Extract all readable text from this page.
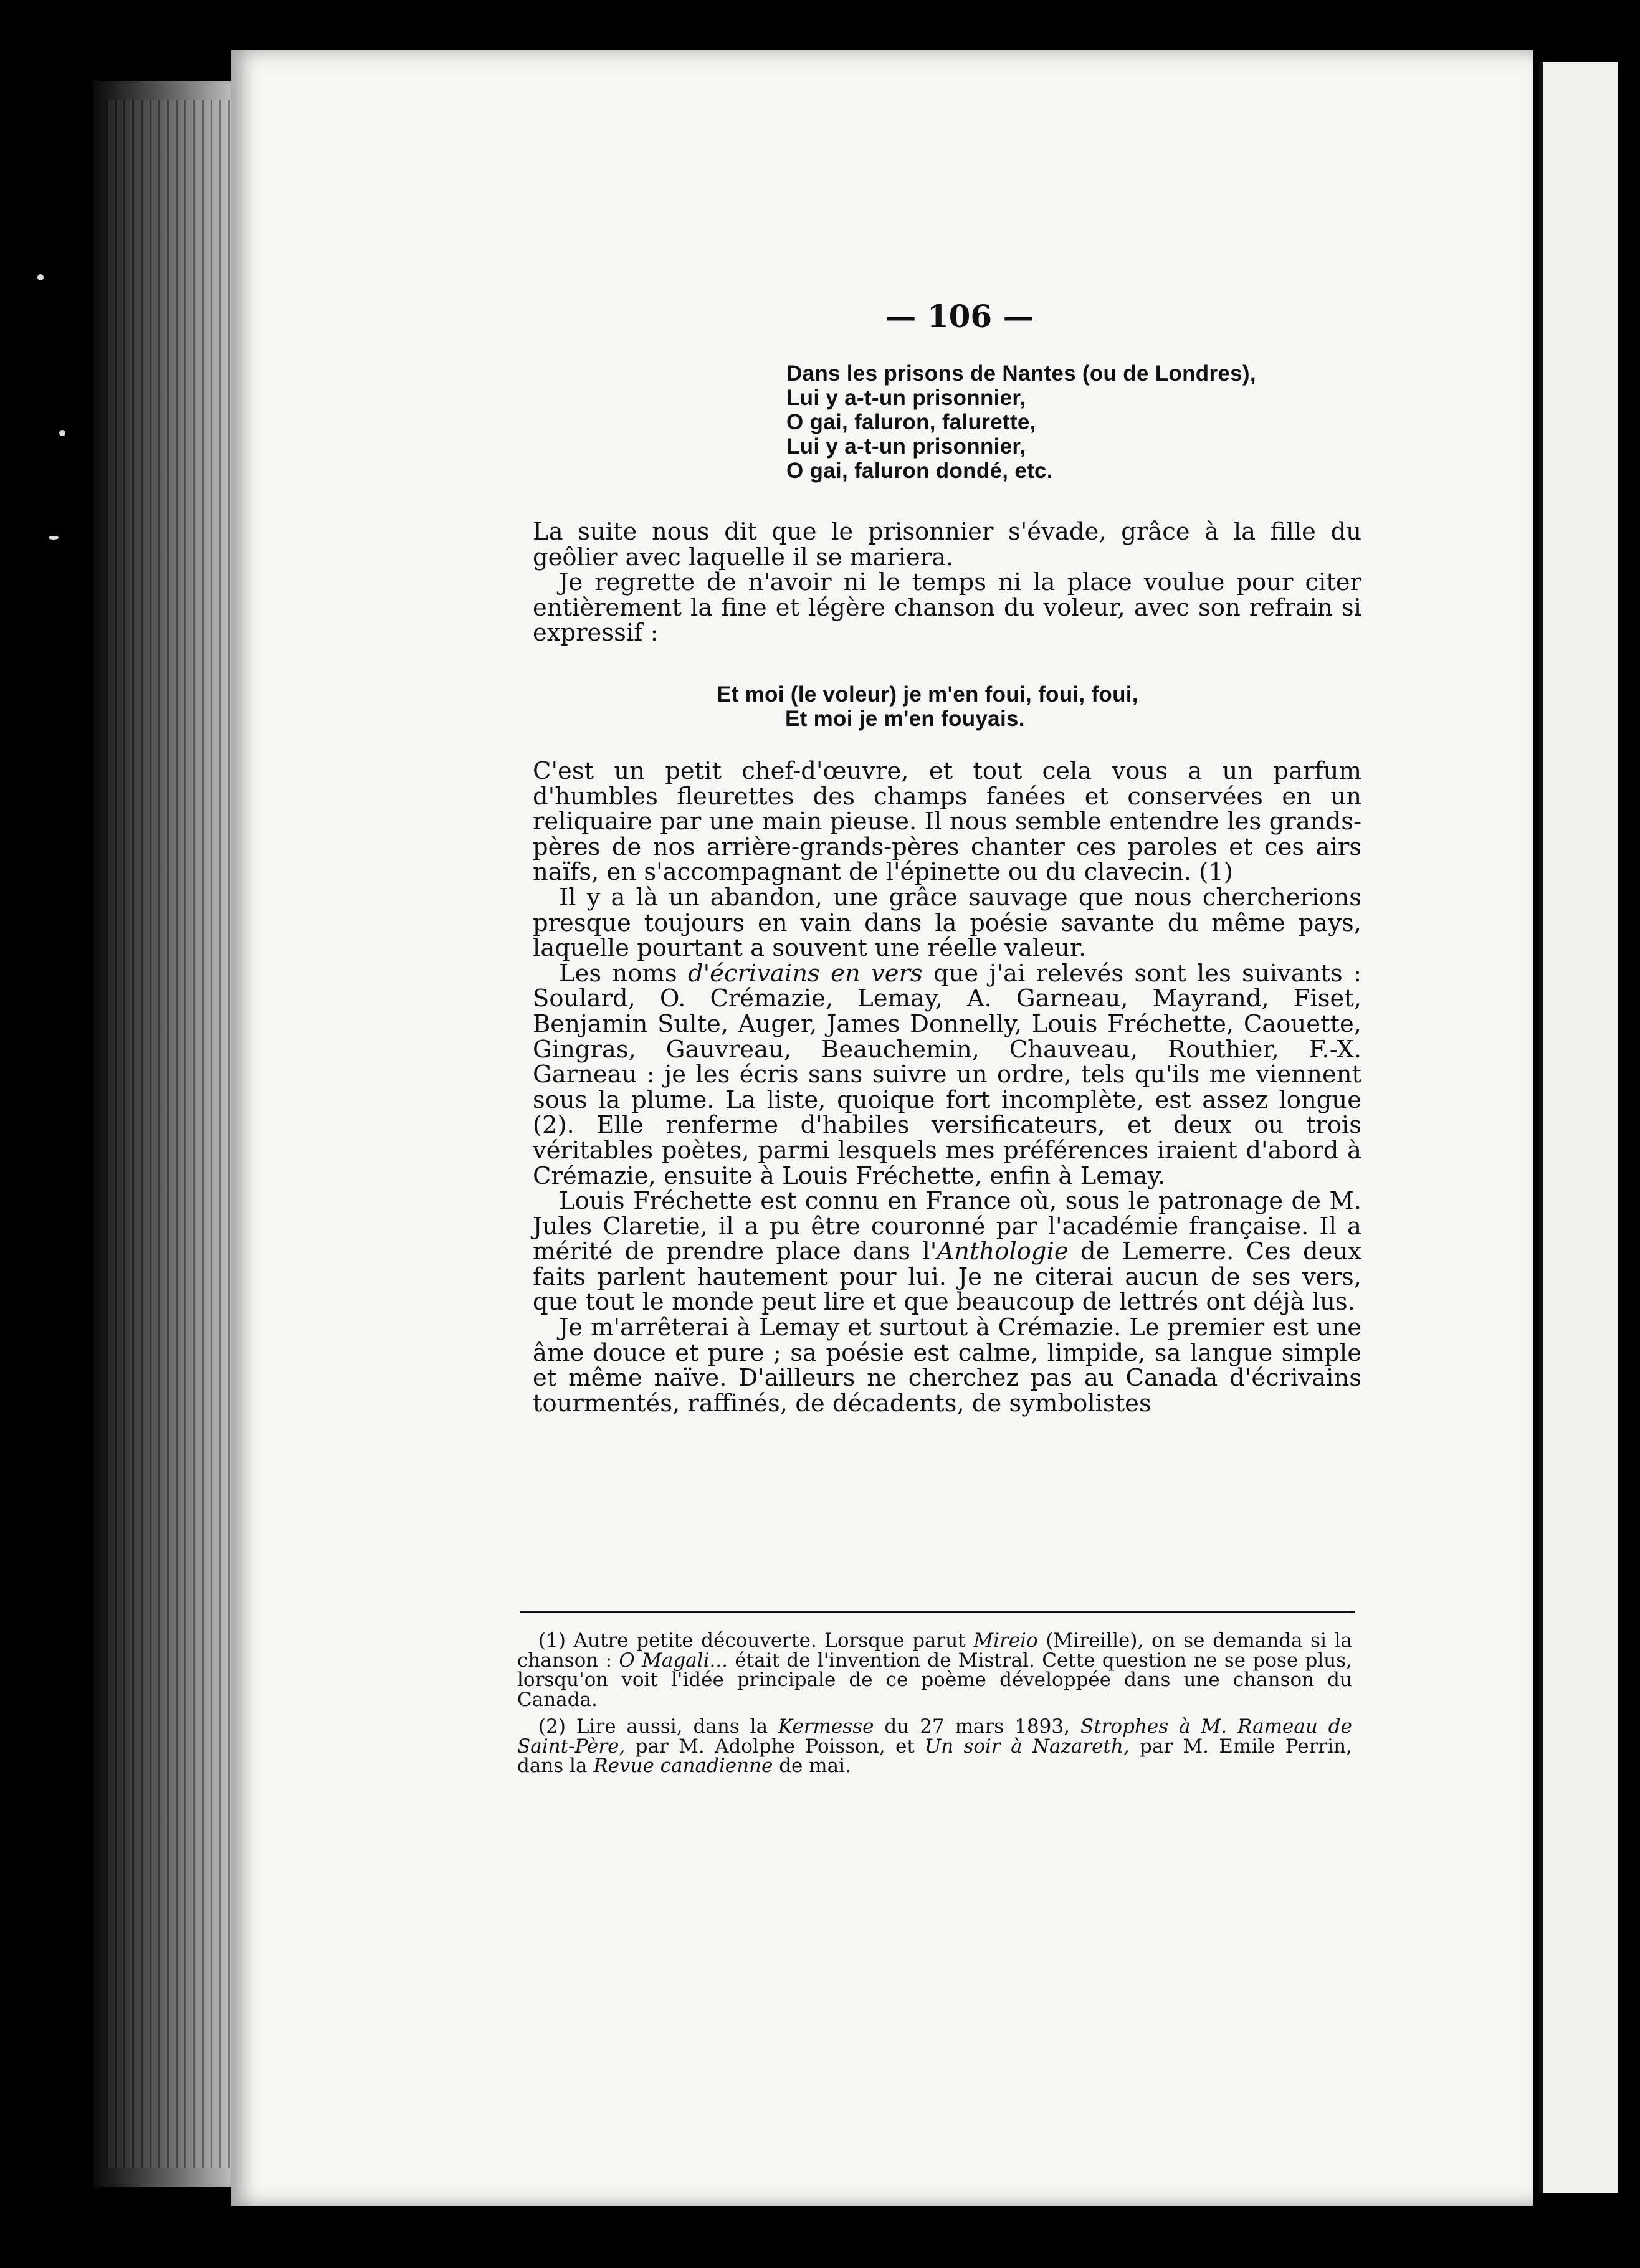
— 106 —
Dans les prisons de Nantes (ou de Londres),
Lui y a-t-un prisonnier,
O gai, faluron, falurette,
Lui y a-t-un prisonnier,
O gai, faluron dondé, etc.

La suite nous dit que le prisonnier s'évade, grâce à la fille du geôlier avec laquelle il se mariera.

Je regrette de n'avoir ni le temps ni la place voulue pour citer entièrement la fine et légère chanson du voleur, avec son refrain si expressif :

Et moi (le voleur) je m'en foui, foui, foui,
Et moi je m'en fouyais.

C'est un petit chef-d'œuvre, et tout cela vous a un parfum d'humbles fleurettes des champs fanées et conservées en un reliquaire par une main pieuse. Il nous semble entendre les grands-pères de nos arrière-grands-pères chanter ces paroles et ces airs naïfs, en s'accompagnant de l'épinette ou du clavecin. (1)

Il y a là un abandon, une grâce sauvage que nous chercherions presque toujours en vain dans la poésie savante du même pays, laquelle pourtant a souvent une réelle valeur.

Les noms d'écrivains en vers que j'ai relevés sont les suivants : Soulard, O. Crémazie, Lemay, A. Garneau, Mayrand, Fiset, Benjamin Sulte, Auger, James Donnelly, Louis Fréchette, Caouette, Gingras, Gauvreau, Beauchemin, Chauveau, Routhier, F.-X. Garneau : je les écris sans suivre un ordre, tels qu'ils me viennent sous la plume. La liste, quoique fort incomplète, est assez longue (2). Elle renferme d'habiles versificateurs, et deux ou trois véritables poètes, parmi lesquels mes préférences iraient d'abord à Crémazie, ensuite à Louis Fréchette, enfin à Lemay.

Louis Fréchette est connu en France où, sous le patronage de M. Jules Claretie, il a pu être couronné par l'académie française. Il a mérité de prendre place dans l'Anthologie de Lemerre. Ces deux faits parlent hautement pour lui. Je ne citerai aucun de ses vers, que tout le monde peut lire et que beaucoup de lettrés ont déjà lus.

Je m'arrêterai à Lemay et surtout à Crémazie. Le premier est une âme douce et pure ; sa poésie est calme, limpide, sa langue simple et même naïve. D'ailleurs ne cherchez pas au Canada d'écrivains tourmentés, raffinés, de décadents, de symbolistes

(1) Autre petite découverte. Lorsque parut Mireio (Mireille), on se demanda si la chanson : O Magali... était de l'invention de Mistral. Cette question ne se pose plus, lorsqu'on voit l'idée principale de ce poème développée dans une chanson du Canada.

(2) Lire aussi, dans la Kermesse du 27 mars 1893, Strophes à M. Rameau de Saint-Père, par M. Adolphe Poisson, et Un soir à Nazareth, par M. Emile Perrin, dans la Revue canadienne de mai.
